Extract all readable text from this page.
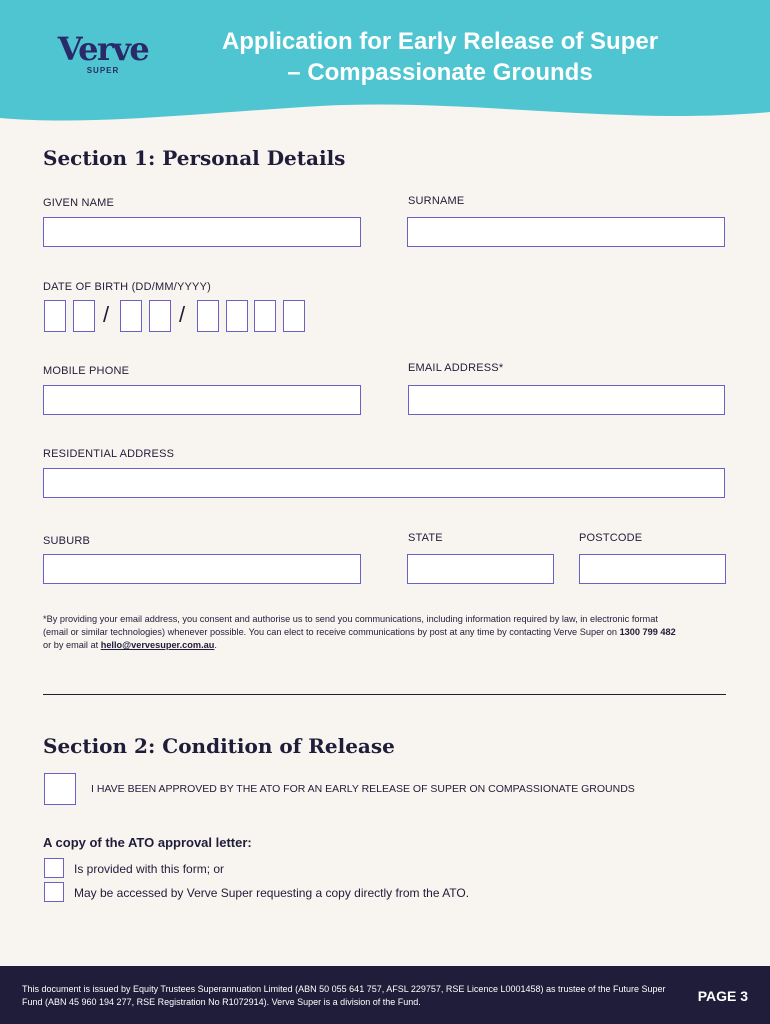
Verve
SUPER
Application for Early Release of Super
– Compassionate Grounds
Section 1: Personal Details
GIVEN NAME	SURNAME
DATE OF BIRTH (DD/MM/YYYY)
/	/
MOBILE PHONE	EMAIL ADDRESS*
RESIDENTIAL ADDRESS
SUBURB	STATE	POSTCODE
*By providing your email address, you consent and authorise us to send you communications, including information required by law, in electronic format (email or similar technologies) whenever possible. You can elect to receive communications by post at any time by contacting Verve Super on 1300 799 482 or by email at hello@vervesuper.com.au.
Section 2: Condition of Release
I HAVE BEEN APPROVED BY THE ATO FOR AN EARLY RELEASE OF SUPER ON COMPASSIONATE GROUNDS
A copy of the ATO approval letter:
Is provided with this form; or
May be accessed by Verve Super requesting a copy directly from the ATO.
This document is issued by Equity Trustees Superannuation Limited (ABN 50 055 641 757, AFSL 229757, RSE Licence L0001458) as trustee of the Future Super Fund (ABN 45 960 194 277, RSE Registration No R1072914). Verve Super is a division of the Fund.	PAGE 3
